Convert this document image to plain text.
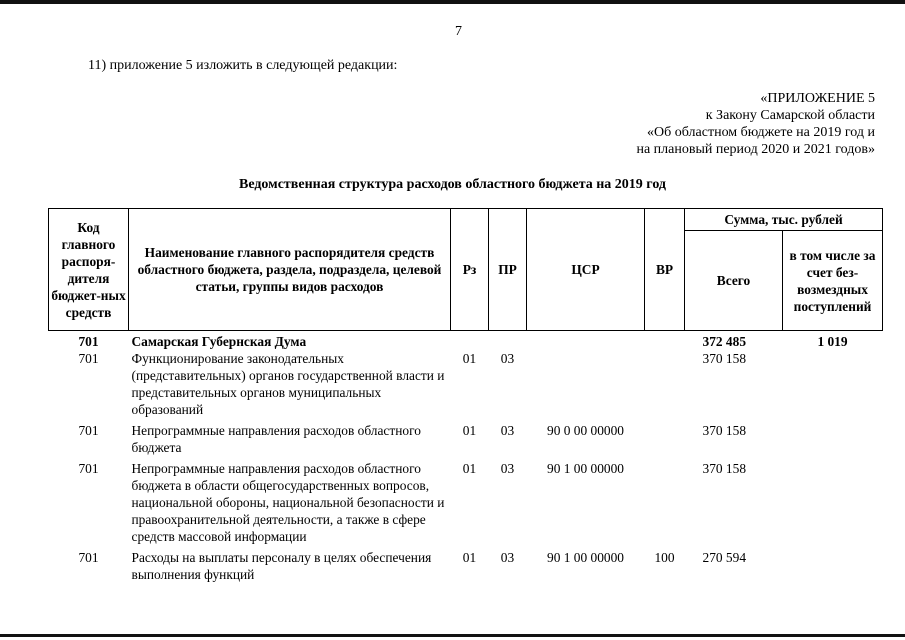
7
11) приложение 5 изложить в следующей редакции:
«ПРИЛОЖЕНИЕ 5
к Закону Самарской области
«Об областном бюджете на 2019 год и
на плановый период 2020 и 2021 годов»
Ведомственная структура расходов областного бюджета на 2019 год
Код главного распоря-дителя бюджет-ных средств	Наименование главного распорядителя средств областного бюджета, раздела, подраздела, целевой статьи, группы видов расходов	Рз	ПР	ЦСР	ВР	Сумма, тыс. рублей	
						Всего	в том числе за счет без-возмездных поступлений
701	Самарская Губернская Дума					372 485	1 019
701	Функционирование законодательных (представительных) органов государственной власти и представительных органов муниципальных образований	01	03			370 158	
701	Непрограммные направления расходов областного бюджета	01	03	90 0 00 00000		370 158	
701	Непрограммные направления расходов областного бюджета в области общегосударственных вопросов, национальной обороны, национальной безопасности и правоохранительной деятельности, а также в сфере средств массовой информации	01	03	90 1 00 00000		370 158	
701	Расходы на выплаты персоналу в целях обеспечения выполнения функций	01	03	90 1 00 00000	100	270 594	
